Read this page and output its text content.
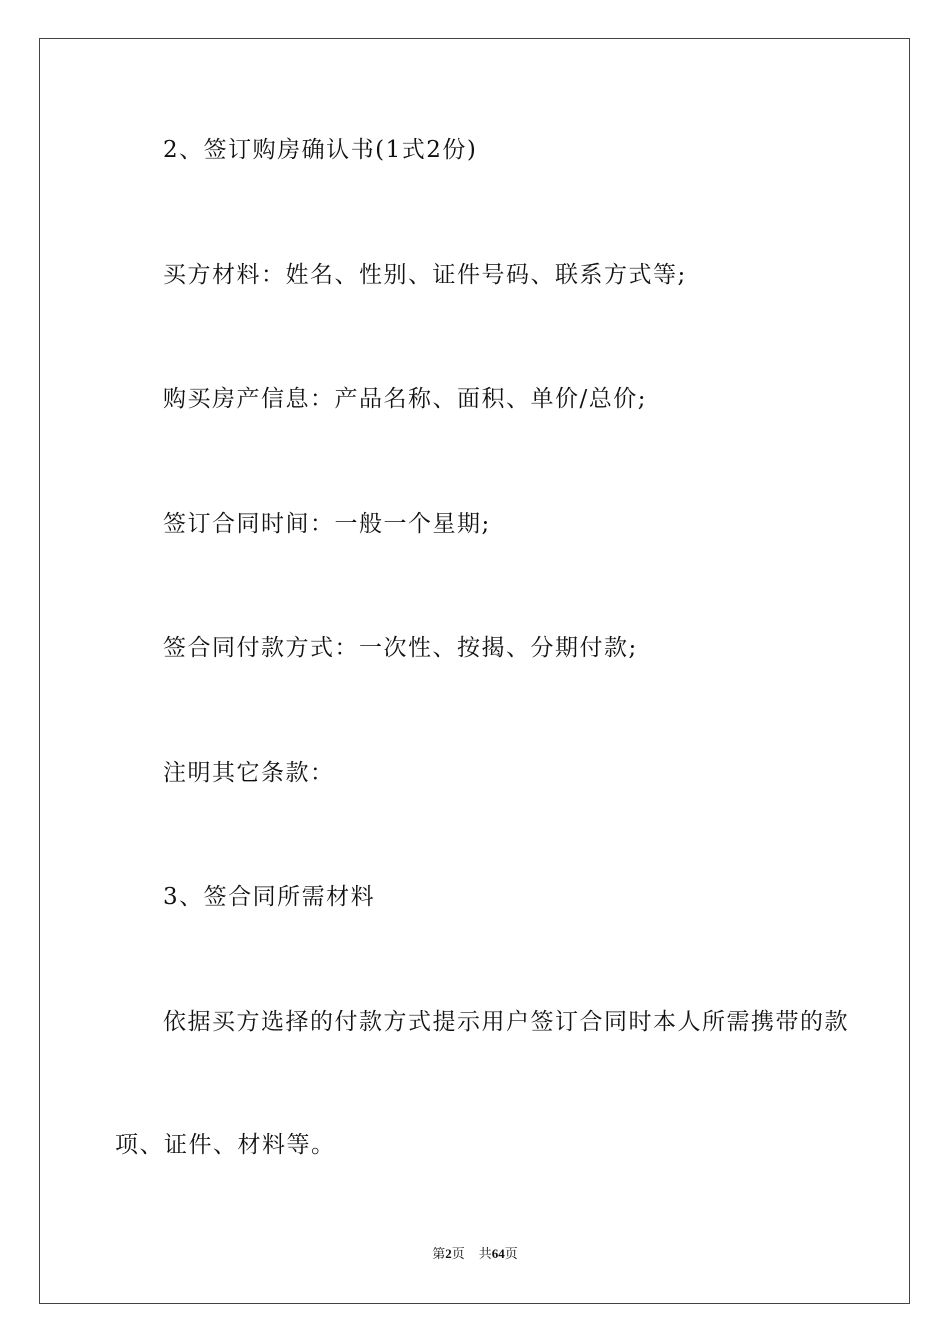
2、签订购房确认书(1式2份)
买方材料：姓名、性别、证件号码、联系方式等;
购买房产信息：产品名称、面积、单价/总价;
签订合同时间：一般一个星期;
签合同付款方式：一次性、按揭、分期付款;
注明其它条款：
3、签合同所需材料
依据买方选择的付款方式提示用户签订合同时本人所需携带的款
项、证件、材料等。
第2页 共64页
